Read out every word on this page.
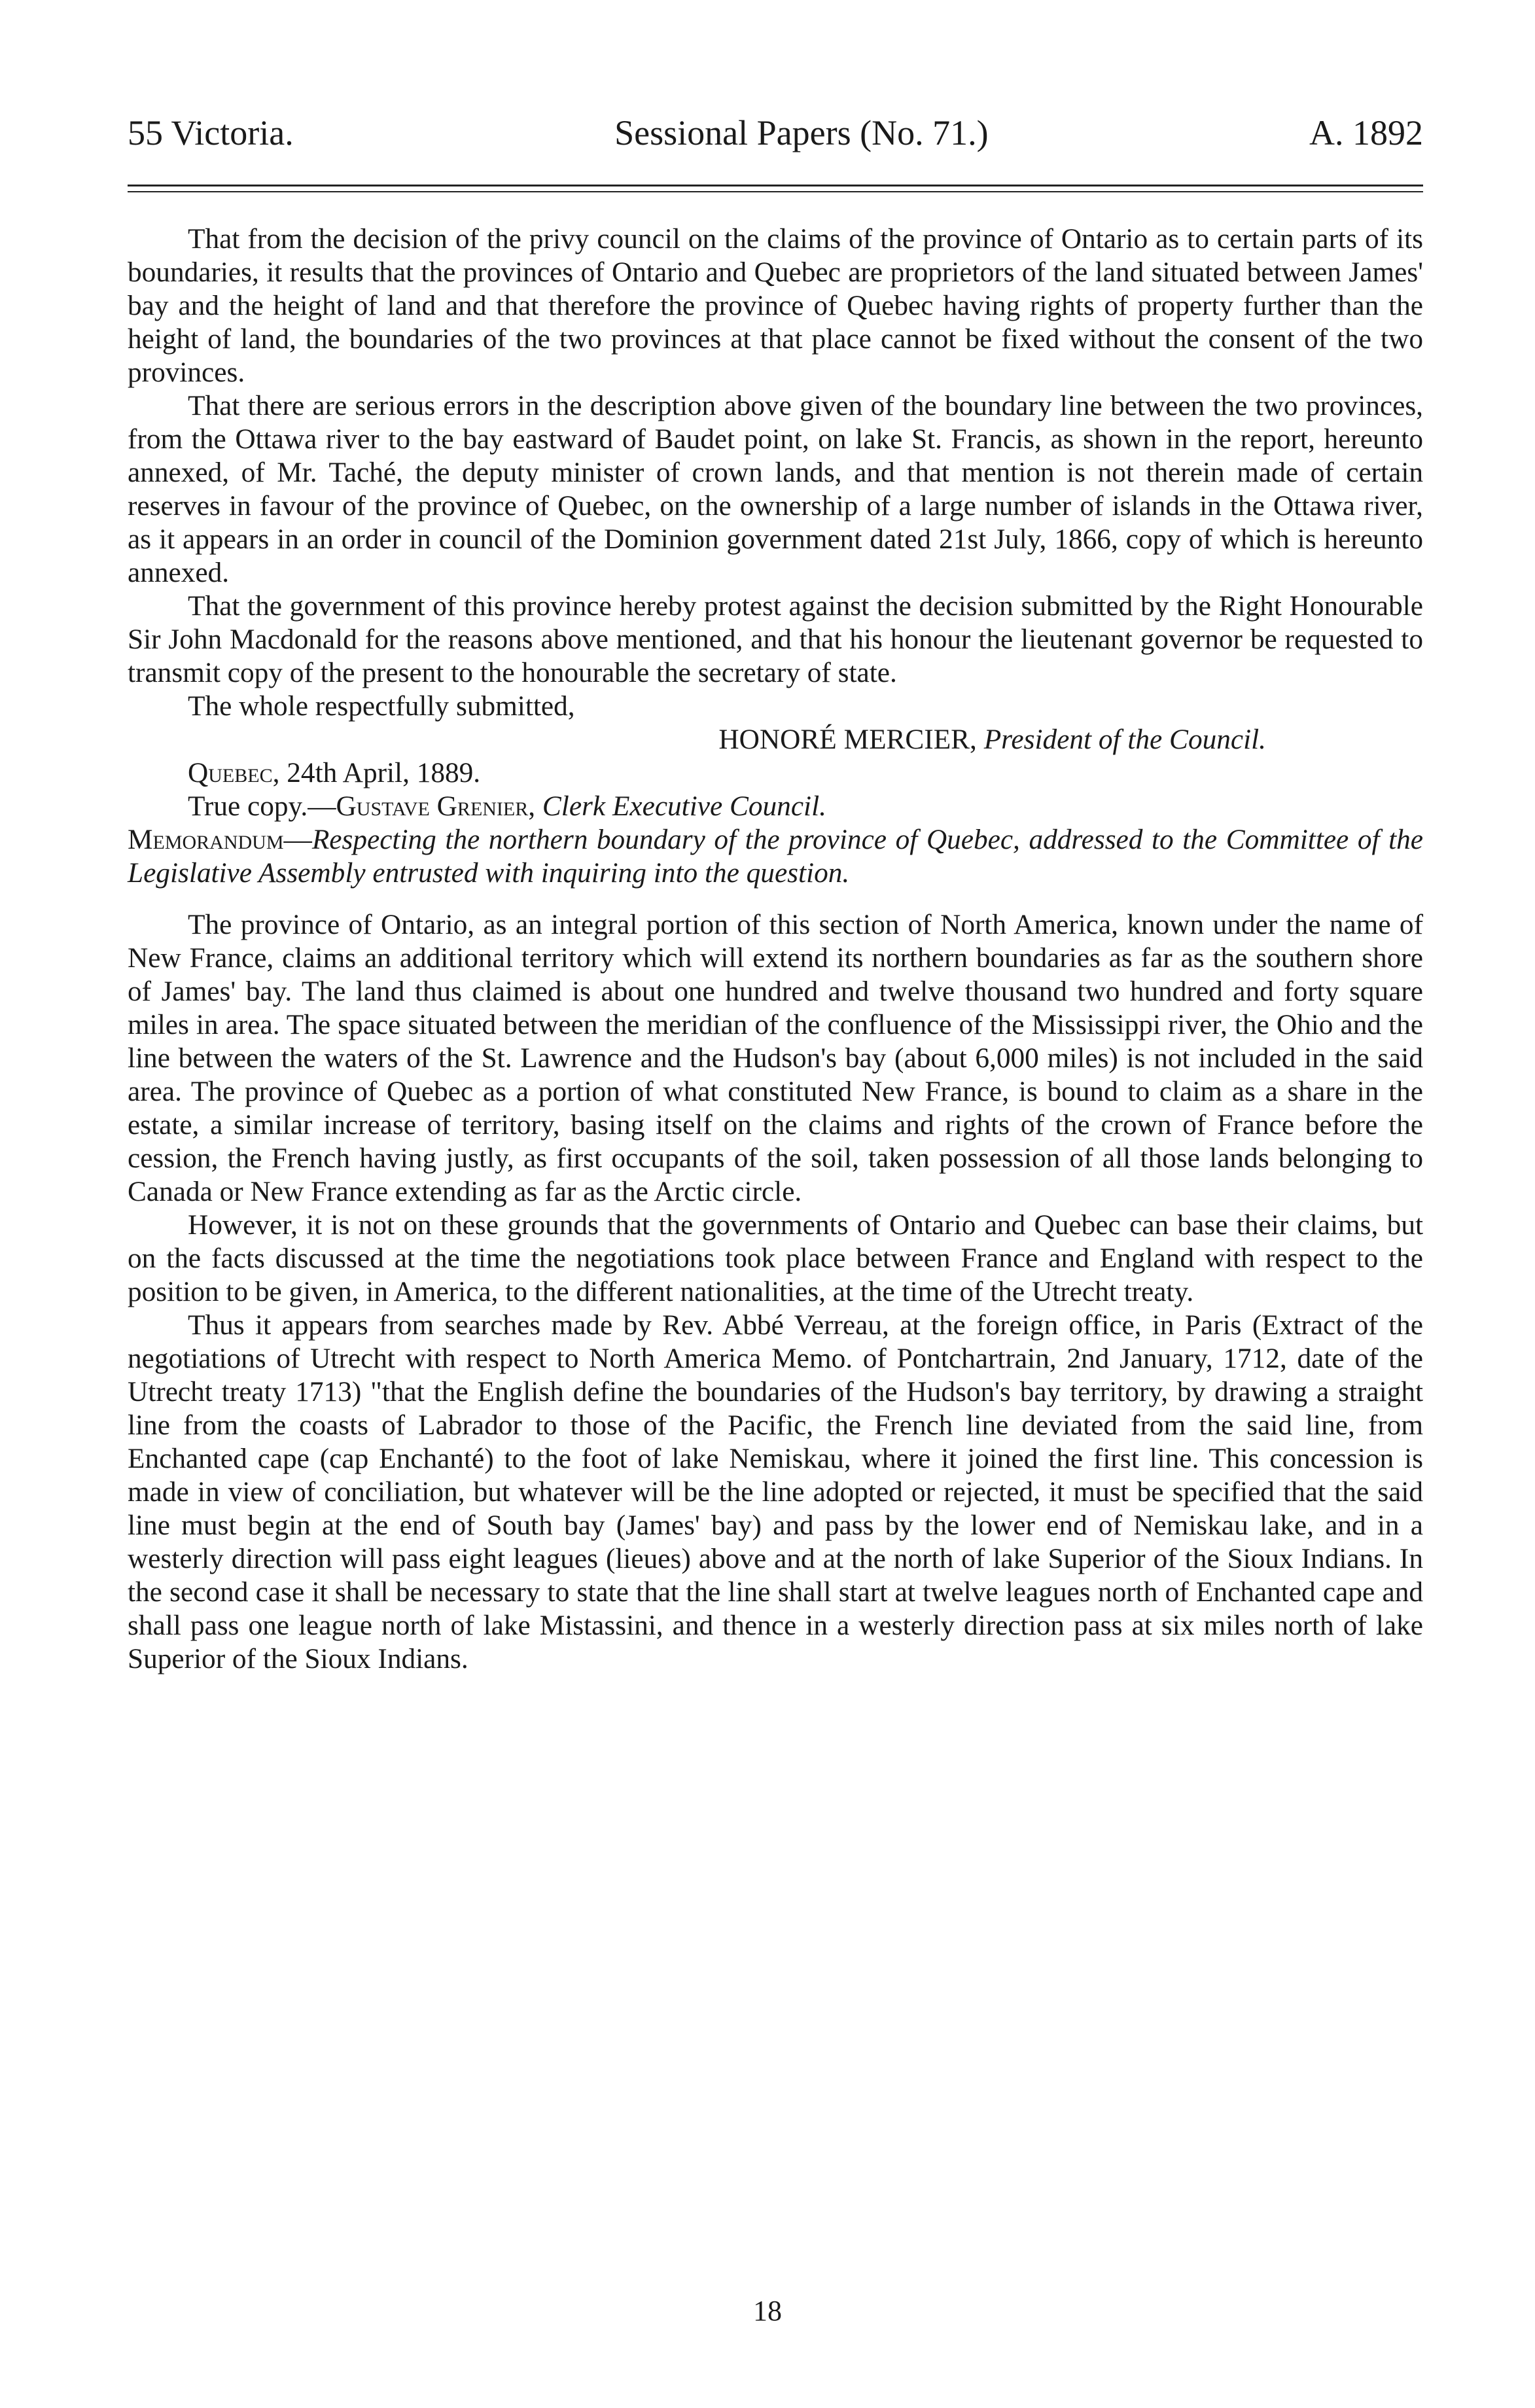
55 Victoria.	Sessional Papers (No. 71.)	A. 1892

That from the decision of the privy council on the claims of the province of Ontario as to certain parts of its boundaries, it results that the provinces of Ontario and Quebec are proprietors of the land situated between James' bay and the height of land and that therefore the province of Quebec having rights of property further than the height of land, the boundaries of the two provinces at that place cannot be fixed without the consent of the two provinces.

That there are serious errors in the description above given of the boundary line between the two provinces, from the Ottawa river to the bay eastward of Baudet point, on lake St. Francis, as shown in the report, hereunto annexed, of Mr. Taché, the deputy minister of crown lands, and that mention is not therein made of certain reserves in favour of the province of Quebec, on the ownership of a large number of islands in the Ottawa river, as it appears in an order in council of the Dominion government dated 21st July, 1866, copy of which is hereunto annexed.

That the government of this province hereby protest against the decision submitted by the Right Honourable Sir John Macdonald for the reasons above mentioned, and that his honour the lieutenant governor be requested to transmit copy of the present to the honourable the secretary of state.

The whole respectfully submitted,

HONORÉ MERCIER, President of the Council.

Quebec, 24th April, 1889.

True copy.—Gustave Grenier, Clerk Executive Council.

Memorandum—Respecting the northern boundary of the province of Quebec, addressed to the Committee of the Legislative Assembly entrusted with inquiring into the question.

The province of Ontario, as an integral portion of this section of North America, known under the name of New France, claims an additional territory which will extend its northern boundaries as far as the southern shore of James' bay. The land thus claimed is about one hundred and twelve thousand two hundred and forty square miles in area. The space situated between the meridian of the confluence of the Mississippi river, the Ohio and the line between the waters of the St. Lawrence and the Hudson's bay (about 6,000 miles) is not included in the said area. The province of Quebec as a portion of what constituted New France, is bound to claim as a share in the estate, a similar increase of territory, basing itself on the claims and rights of the crown of France before the cession, the French having justly, as first occupants of the soil, taken possession of all those lands belonging to Canada or New France extending as far as the Arctic circle.

However, it is not on these grounds that the governments of Ontario and Quebec can base their claims, but on the facts discussed at the time the negotiations took place between France and England with respect to the position to be given, in America, to the different nationalities, at the time of the Utrecht treaty.

Thus it appears from searches made by Rev. Abbé Verreau, at the foreign office, in Paris (Extract of the negotiations of Utrecht with respect to North America Memo. of Pontchartrain, 2nd January, 1712, date of the Utrecht treaty 1713) "that the English define the boundaries of the Hudson's bay territory, by drawing a straight line from the coasts of Labrador to those of the Pacific, the French line deviated from the said line, from Enchanted cape (cap Enchanté) to the foot of lake Nemiskau, where it joined the first line. This concession is made in view of conciliation, but whatever will be the line adopted or rejected, it must be specified that the said line must begin at the end of South bay (James' bay) and pass by the lower end of Nemiskau lake, and in a westerly direction will pass eight leagues (lieues) above and at the north of lake Superior of the Sioux Indians. In the second case it shall be necessary to state that the line shall start at twelve leagues north of Enchanted cape and shall pass one league north of lake Mistassini, and thence in a westerly direction pass at six miles north of lake Superior of the Sioux Indians.

18
